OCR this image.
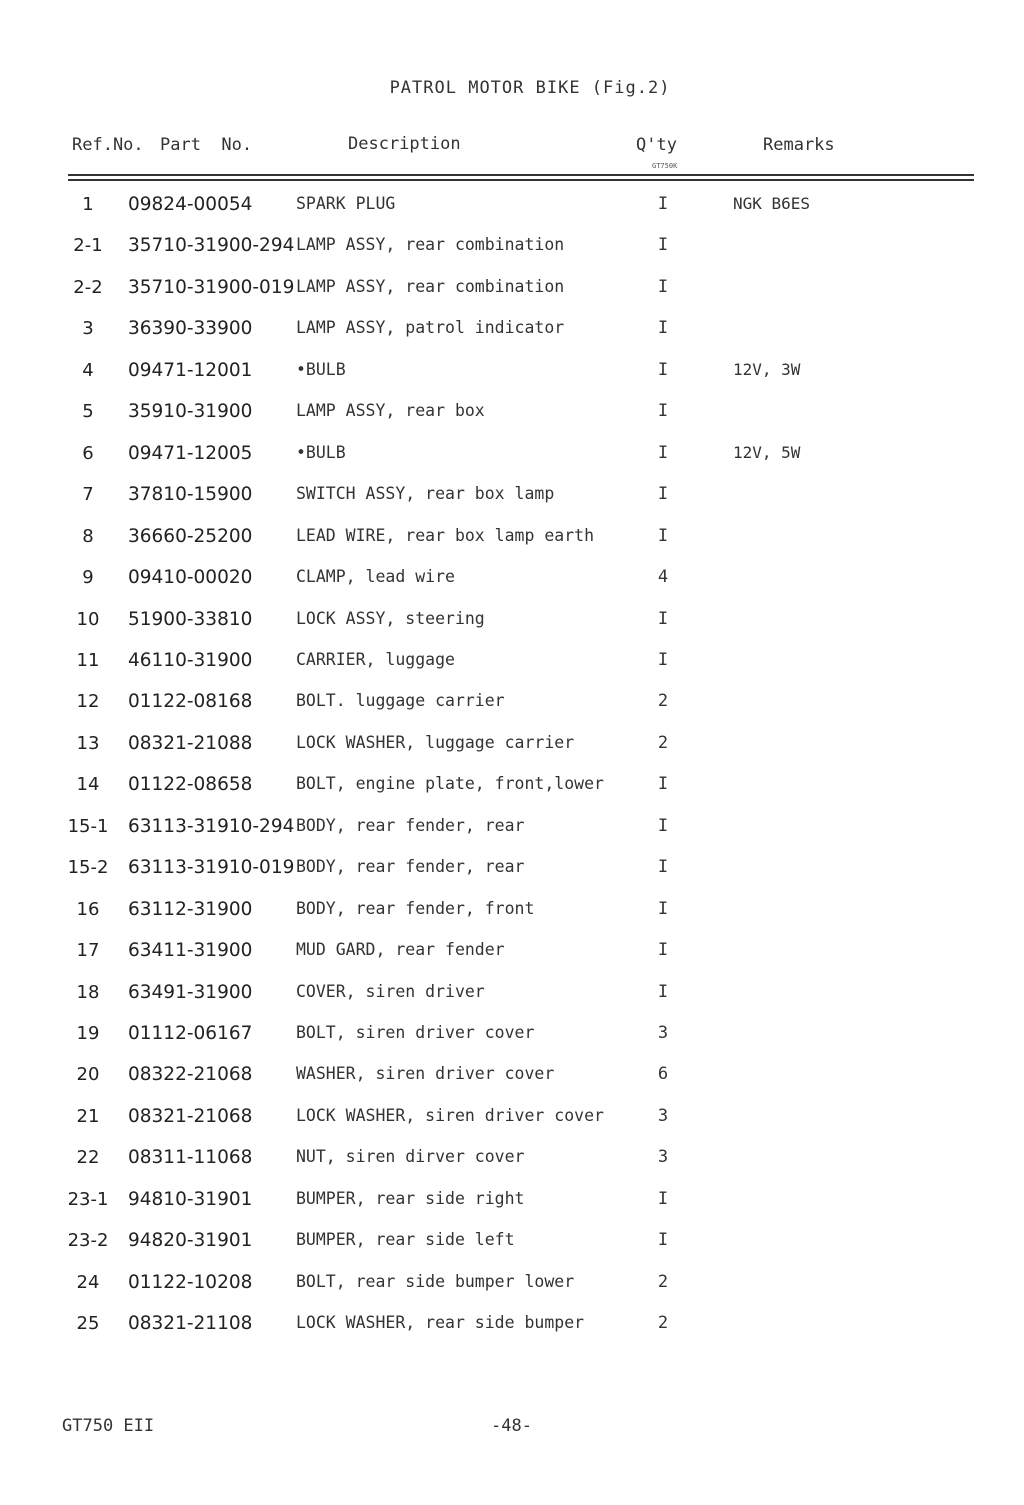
PATROL MOTOR BIKE (Fig.2)
Ref.No. Part  No.	Description	Q'ty
GT750K
Remarks
1	09824-00054	SPARK PLUG	I	NGK B6ES
2-1	35710-31900-294 LAMP ASSY, rear combination	I
2-2	35710-31900-019 LAMP ASSY, rear combination	I
3	36390-33900	LAMP ASSY, patrol indicator	I
4	09471-12001	•BULB	I	12V, 3W
5	35910-31900	LAMP ASSY, rear box	I
6	09471-12005	•BULB	I	12V, 5W
7	37810-15900	SWITCH ASSY, rear box lamp	I
8	36660-25200	LEAD WIRE, rear box lamp earth	I
9	09410-00020	CLAMP, lead wire	4
10	51900-33810	LOCK ASSY, steering	I
11	46110-31900	CARRIER, luggage	I
12	01122-08168	BOLT. luggage carrier	2
13	08321-21088	LOCK WASHER, luggage carrier	2
14	01122-08658	BOLT, engine plate, front,lower	I
15-1	63113-31910-294 BODY, rear fender, rear	I
15-2	63113-31910-019 BODY, rear fender, rear	I
16	63112-31900	BODY, rear fender, front	I
17	63411-31900	MUD GARD, rear fender	I
18	63491-31900	COVER, siren driver	I
19	01112-06167	BOLT, siren driver cover	3
20	08322-21068	WASHER, siren driver cover	6
21	08321-21068	LOCK WASHER, siren driver cover	3
22	08311-11068	NUT, siren dirver cover	3
23-1	94810-31901	BUMPER, rear side right	I
23-2	94820-31901	BUMPER, rear side left	I
24	01122-10208	BOLT, rear side bumper lower	2
25	08321-21108	LOCK WASHER, rear side bumper	2
GT750 EII	-48-
